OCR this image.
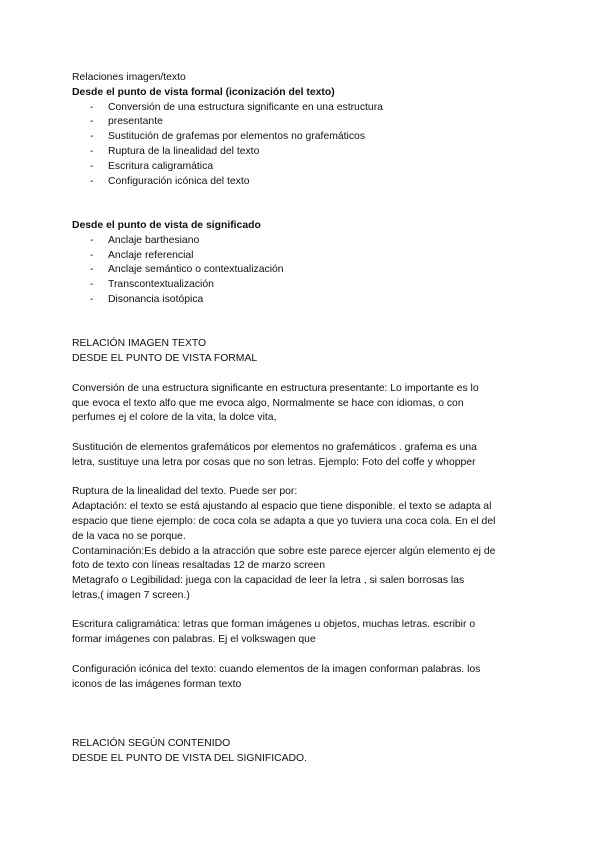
Relaciones imagen/texto
Desde el punto de vista formal (iconización del texto)
- Conversión de una estructura significante en una estructura
- presentante
- Sustitución de grafemas por elementos no grafemáticos
- Ruptura de la linealidad del texto
- Escritura caligramática
- Configuración icónica del texto
Desde el punto de vista de significado
- Anclaje barthesiano
- Anclaje referencial
- Anclaje semántico o contextualización
- Transcontextualización
- Disonancia isotópica
RELACIÓN IMAGEN TEXTO
DESDE EL PUNTO DE VISTA FORMAL
Conversión de una estructura significante en estructura presentante: Lo importante es lo
que evoca el texto alfo que me evoca algo, Normalmente se hace con idiomas, o con
perfumes ej el colore de la vita, la dolce vita,
Sustitución de elementos grafemáticos por elementos no grafemáticos . grafema es una
letra, sustituye una letra por cosas que no son letras. Ejemplo: Foto del coffe y whopper
Ruptura de la linealidad del texto. Puede ser por:
Adaptación: el texto se está ajustando al espacio que tiene disponible. el texto se adapta al
espacio que tiene ejemplo: de coca cola se adapta a que yo tuviera una coca cola. En el del
de la vaca no se porque.
Contaminación:Es debido a la atracción que sobre este parece ejercer algún elemento ej de
foto de texto con líneas resaltadas 12 de marzo screen
Metagrafo o Legibilidad: juega con la capacidad de leer la letra , si salen borrosas las
letras,( imagen 7 screen.)
Escritura caligramática: letras que forman imágenes u objetos, muchas letras. escribir o
formar imágenes con palabras. Ej el volkswagen que
Configuración icónica del texto: cuando elementos de la imagen conforman palabras. los
iconos de las imágenes forman texto
RELACIÓN SEGÚN CONTENIDO
DESDE EL PUNTO DE VISTA DEL SIGNIFICADO.
